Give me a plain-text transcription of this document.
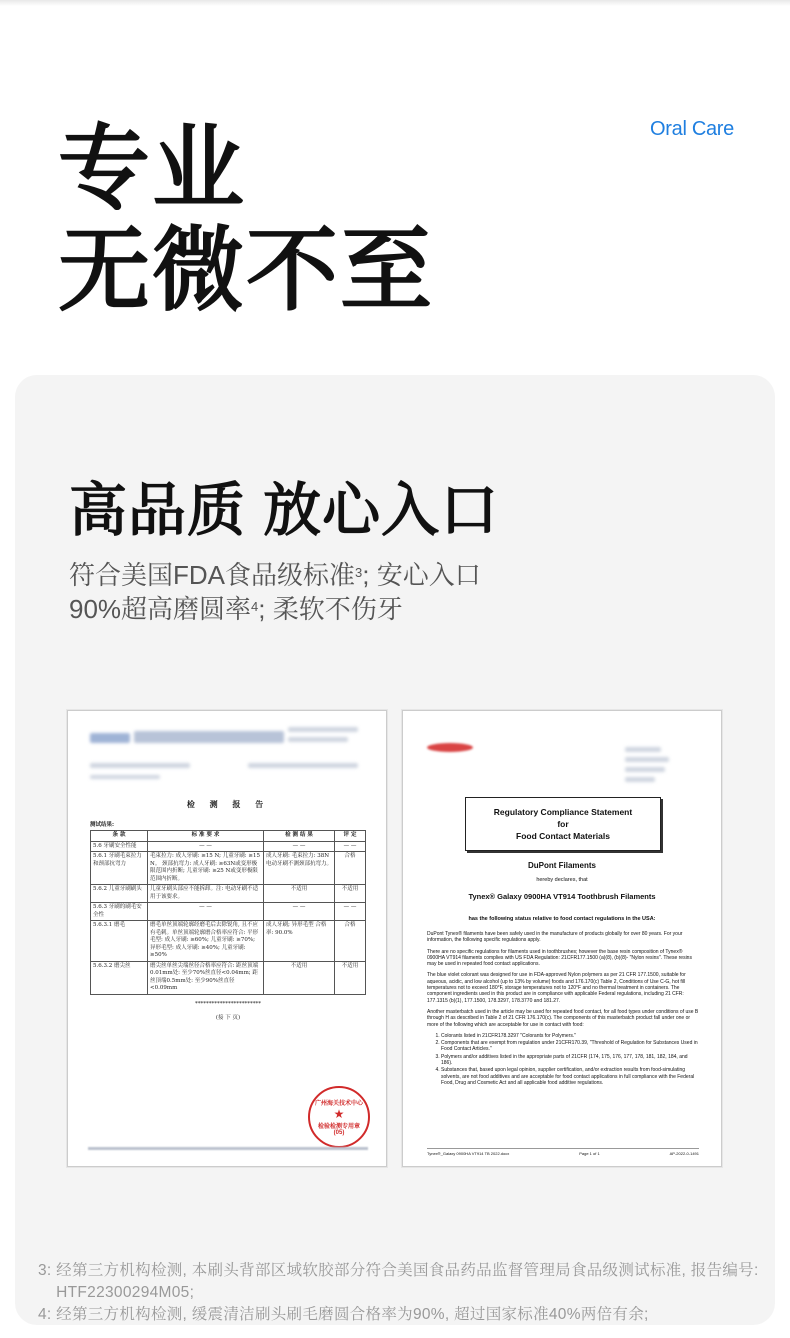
Oral Care
专业
无微不至
高品质 放心入口
符合美国FDA食品级标准$^3$; 安心入口
90%超高磨圆率$^4$; 柔软不伤牙
检 测 报 告
测试结果:
条 款	标 准 要 求	检 测 结 果	评 定
5.6 牙刷安全性能	— —	— —	— —
5.6.1 牙刷毛束拉力和颈部抗弯力	毛束拉力: 成人牙刷: ≥15 N; 儿童牙刷: ≥15 N。 颈部抗弯力: 成人牙刷: ≥63N或变形极限范围内折断; 儿童牙刷: ≥25 N或变形极限范围内折断。	成人牙刷: 毛束拉力: 38N 电动牙刷不测颈部抗弯力。	合格
5.6.2 儿童牙刷刷头	儿童牙刷头部应不能拆卸。注: 电动牙刷不适用于该要求。	不适用	不适用
5.6.3 牙刷的刷毛安全性	— —	— —	— —
5.6.3.1 磨毛	磨毛单丝顶端轮廓经磨毛后去除锐角, 且不应有毛刺。单丝顶端轮廓磨合格率应符合: 平形毛型: 成人牙刷: ≥60%; 儿童牙刷: ≥70%; 异形毛型: 成人牙刷: ≥40%; 儿童牙刷: ≥50%	成人牙刷; 异形毛型 合格率: 90.0%	合格
5.6.3.2 磨尖丝	磨尖丝单丝尖端丝径合格率应符合: 距丝顶端0.01mm处: 至少70%丝直径<0.04mm; 距丝顶端0.5mm处: 至少90%丝直径<0.09mm	不适用	不适用
************************
(接 下 页)
广州海关技术中心
★
检验检测专用章
(05)
Regulatory Compliance Statement
for
Food Contact Materials
DuPont Filaments
hereby declares, that
Tynex® Galaxy 0900HA VT914 Toothbrush Filaments
has the following status relative to food contact regulations in the USA:

DuPont Tynex® filaments have been safely used in the manufacture of products globally for over 80 years. For your information, the following specific regulations apply.

There are no specific regulations for filaments used in toothbrushes; however the base resin composition of Tynex® 0900HA VT914 filaments complies with US FDA Regulation: 21CFR177.1500 (a)(8), (b)(8)- "Nylon resins". These resins may be used in repeated food contact applications.

The blue violet colorant was designed for use in FDA-approved Nylon polymers as per 21 CFR 177.1500, suitable for aqueous, acidic, and low alcohol (up to 13% by volume) foods and 176.170(c) Table 2, Conditions of Use C-G, hot fill temperatures not to exceed 180°F, storage temperatures not to 120°F and no thermal treatment in containers. The component ingredients used in this product are in compliance with applicable Federal regulations, including 21 CFR: 177.1315 (b)(1), 177.1500, 178.3297, 178.3770 and 181.27.

Another masterbatch used in the article may be used for repeated food contact, for all food types under conditions of use B through H as described in Table 2 of 21 CFR 176.170(c). The components of this masterbatch product fall under one or more of the following which are acceptable for use in contact with food:

1. Colorants listed in 21CFR178.3297 "Colorants for Polymers."
2. Components that are exempt from regulation under 21CFR170.39, "Threshold of Regulation for Substances Used in Food Contact Articles."
3. Polymers and/or additives listed in the appropriate parts of 21CFR (174, 175, 176, 177, 178, 181, 182, 184, and 186).
4. Substances that, based upon legal opinion, supplier certification, and/or extraction results from food-simulating solvents, are not food additives and are acceptable for food contact applications in full compliance with the Federal Food, Drug and Cosmetic Act and all applicable food additive regulations.
Tynex®_Galaxy 0900HA VT914 TB 2022.docx	Page 1 of 1	AP-2022-0-1491
3: 经第三方机构检测, 本刷头背部区域软胶部分符合美国食品药品监督管理局食品级测试标准, 报告编号: HTF22300294M05;
4: 经第三方机构检测, 缓震清洁刷头刷毛磨圆合格率为90%, 超过国家标准40%两倍有余;
